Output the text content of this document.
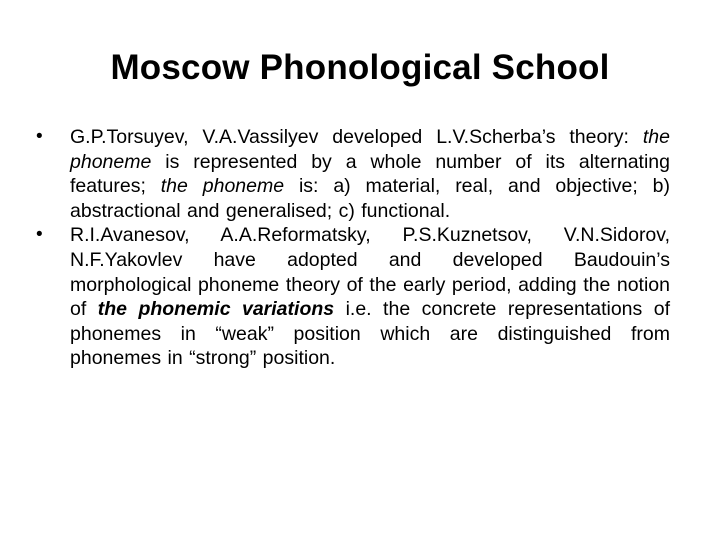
Moscow Phonological School
•	G.P.Torsuyev, V.A.Vassilyev developed L.V.Scherba’s theory: the phoneme is represented by a whole number of its alternating features; the phoneme is: a) material, real, and objective; b) abstractional and generalised; c) functional.
•	R.I.Avanesov, A.A.Reformatsky, P.S.Kuznetsov, V.N.Sidorov, N.F.Yakovlev have adopted and developed Baudouin’s morphological phoneme theory of the early period, adding the notion of the phonemic variations i.e. the concrete representations of phonemes in “weak” position which are distinguished from phonemes in “strong” position.
